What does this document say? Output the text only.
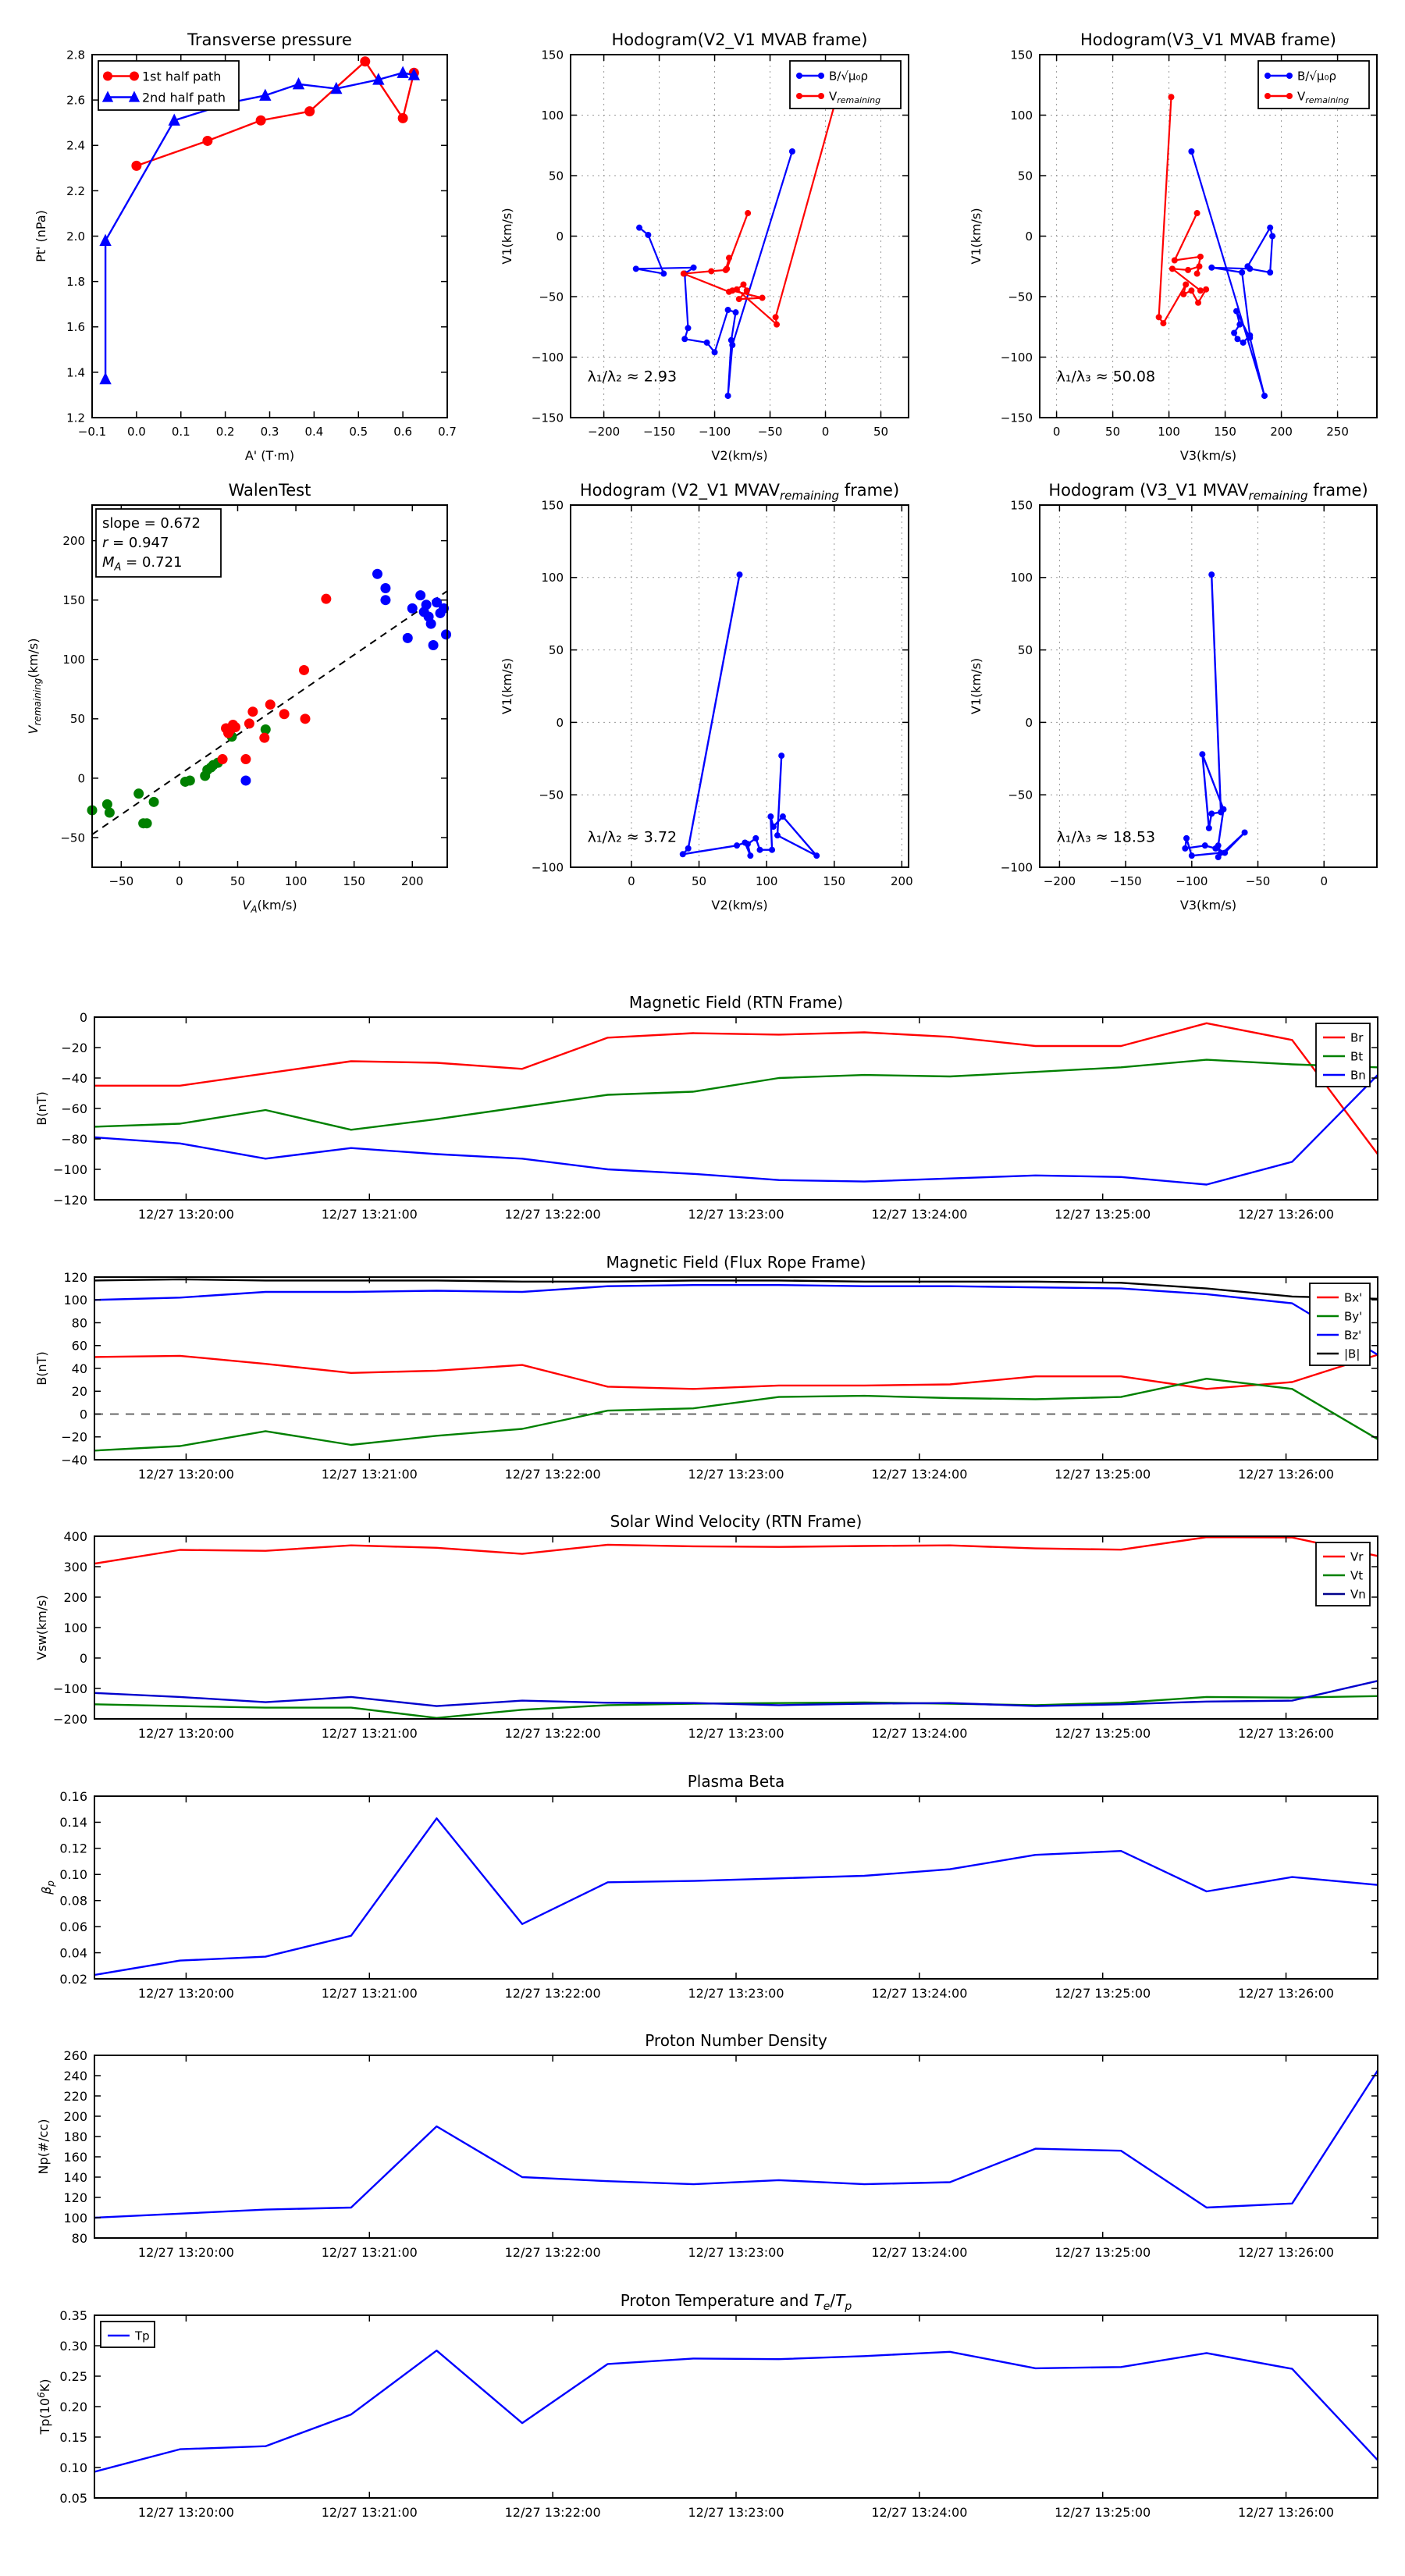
−0.1 0.0 0.1 0.2 0.3 0.4 0.5 0.6 0.7
1.2
1.4
1.6
1.8
2.0
2.2
2.4
2.6
2.8
Transverse pressure
A' (T·m)
Pt' (nPa)
1st half path
2nd half path
−200 −150 −100 −50	0	50
−150
−100
−50
0
50
100
150
Hodogram(V2_V1 MVAB frame)
V2(km/s)
V1(km/s)
λ₁/λ₂ ≈ 2.93
B/√μ₀ρ
$V_{remaining}$
0	50	100	150	200	250
−150
−100
−50
0
50
100
150
Hodogram(V3_V1 MVAB frame)
V3(km/s)
V1(km/s)
λ₁/λ₃ ≈ 50.08
B/√μ₀ρ
$V_{remaining}$
−50	0	50	100	150	200
−50
0
50
100
150
200
WalenTest
$V_A(km/s)$
$V_{remaining}(km/s)$
slope = 0.672
r = 0.947
$M_A = 0.721$
0	50	100	150	200
−100
−50
0
50
100
150
Hodogram (V2_V1 $MVAV_{remaining}$ frame)
V2(km/s)
V1(km/s)
λ₁/λ₂ ≈ 3.72
−200	−150	−100	−50	0
−100
−50
0
50
100
150
Hodogram (V3_V1 $MVAV_{remaining}$ frame)
V3(km/s)
V1(km/s)
λ₁/λ₃ ≈ 18.53
12/27 13:20:00	12/27 13:21:00	12/27 13:22:00	12/27 13:23:00	12/27 13:24:00	12/27 13:25:00	12/27 13:26:00
−120
−100
−80
−60
−40
−20
0
Magnetic Field (RTN Frame)
B(nT)
Br
Bt
Bn
12/27 13:20:00	12/27 13:21:00	12/27 13:22:00	12/27 13:23:00	12/27 13:24:00	12/27 13:25:00	12/27 13:26:00
−40
−20
0
20
40
60
80
100
120
Magnetic Field (Flux Rope Frame)
B(nT)
Bx'
By'
Bz'
|B|
12/27 13:20:00	12/27 13:21:00	12/27 13:22:00	12/27 13:23:00	12/27 13:24:00	12/27 13:25:00	12/27 13:26:00
−200
−100
0
100
200
300
400
Solar Wind Velocity (RTN Frame)
Vsw(km/s)
Vr
Vt
Vn
12/27 13:20:00	12/27 13:21:00	12/27 13:22:00	12/27 13:23:00	12/27 13:24:00	12/27 13:25:00	12/27 13:26:00
0.02
0.04
0.06
0.08
0.10
0.12
0.14
0.16
Plasma Beta
$\beta_p$
12/27 13:20:00	12/27 13:21:00	12/27 13:22:00	12/27 13:23:00	12/27 13:24:00	12/27 13:25:00	12/27 13:26:00
80
100
120
140
160
180
200
220
240
260
Proton Number Density
Np(#/cc)
12/27 13:20:00	12/27 13:21:00	12/27 13:22:00	12/27 13:23:00	12/27 13:24:00	12/27 13:25:00	12/27 13:26:00
0.05
0.10
0.15
0.20
0.25
0.30
0.35
Proton Temperature and $T_e/T_p$
$Tp(10^6K)$
Tp
